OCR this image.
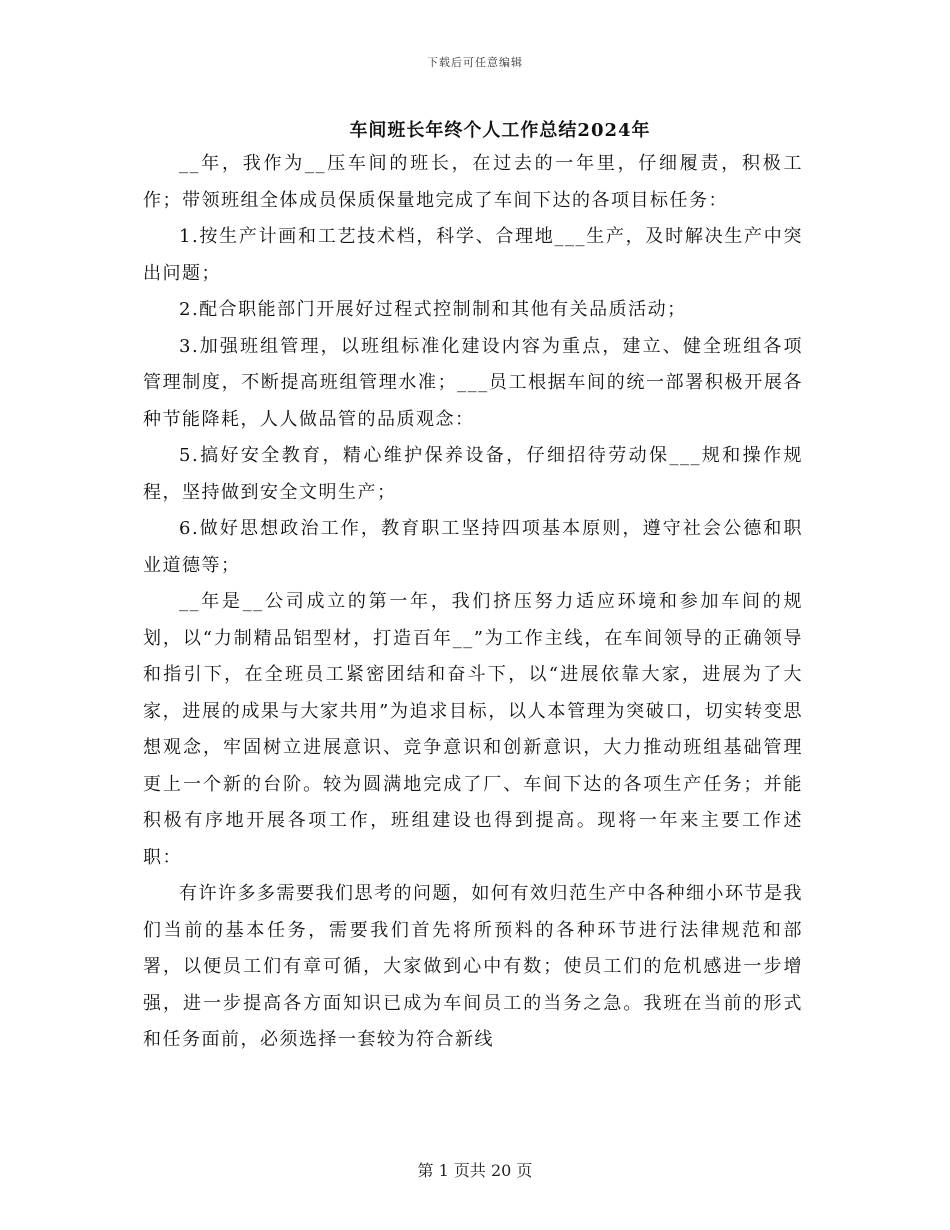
下载后可任意编辑
车间班长年终个人工作总结2024年

__年，我作为__压车间的班长，在过去的一年里，仔细履责，积极工作；带领班组全体成员保质保量地完成了车间下达的各项目标任务：

1.按生产计画和工艺技术档，科学、合理地___生产，及时解决生产中突出问题；

2.配合职能部门开展好过程式控制制和其他有关品质活动；

3.加强班组管理，以班组标准化建设内容为重点，建立、健全班组各项管理制度，不断提高班组管理水准；___员工根据车间的统一部署积极开展各种节能降耗，人人做品管的品质观念：

5.搞好安全教育，精心维护保养设备，仔细招待劳动保___规和操作规程，坚持做到安全文明生产；

6.做好思想政治工作，教育职工坚持四项基本原则，遵守社会公德和职业道德等；

__年是__公司成立的第一年，我们挤压努力适应环境和参加车间的规划，以“力制精品铝型材，打造百年__”为工作主线，在车间领导的正确领导和指引下，在全班员工紧密团结和奋斗下，以“进展依靠大家，进展为了大家，进展的成果与大家共用”为追求目标，以人本管理为突破口，切实转变思想观念，牢固树立进展意识、竞争意识和创新意识，大力推动班组基础管理更上一个新的台阶。较为圆满地完成了厂、车间下达的各项生产任务；并能积极有序地开展各项工作，班组建设也得到提高。现将一年来主要工作述职：

有许许多多需要我们思考的问题，如何有效归范生产中各种细小环节是我们当前的基本任务，需要我们首先将所预料的各种环节进行法律规范和部署，以便员工们有章可循，大家做到心中有数；使员工们的危机感进一步增强，进一步提高各方面知识已成为车间员工的当务之急。我班在当前的形式和任务面前，必须选择一套较为符合新线

第 1 页共 20 页
